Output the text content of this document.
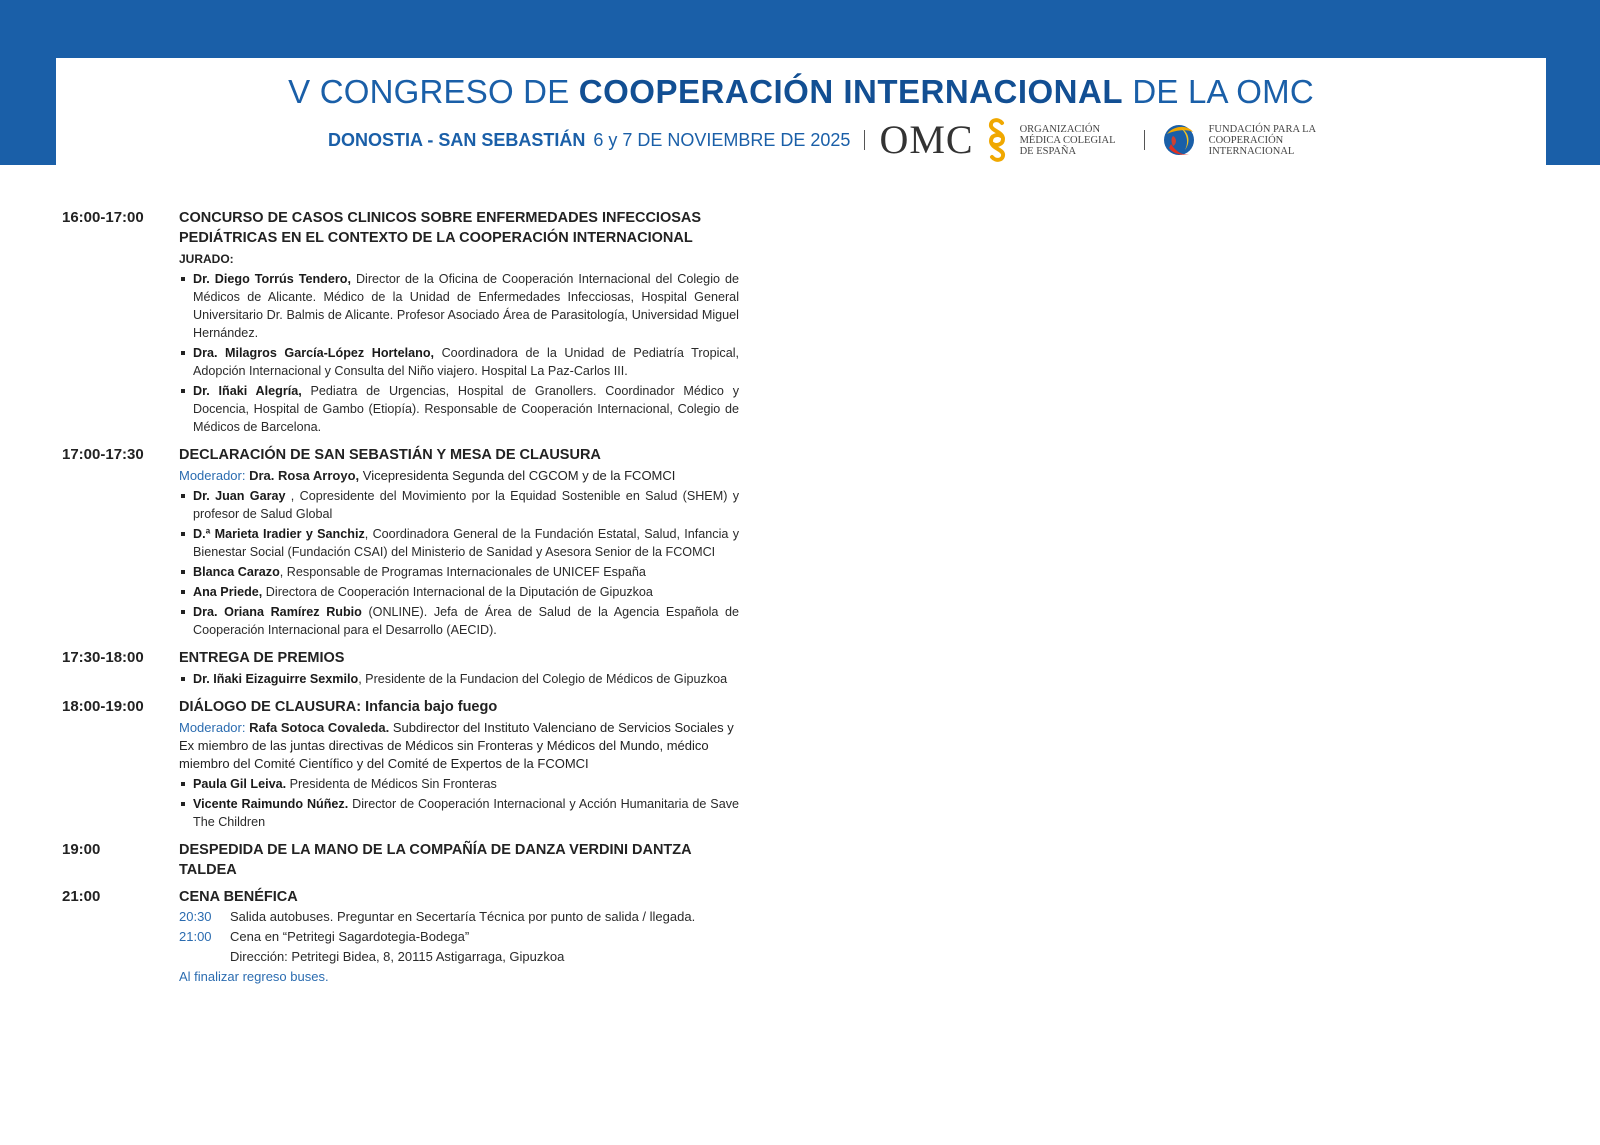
V CONGRESO DE COOPERACIÓN INTERNACIONAL DE LA OMC
DONOSTIA - SAN SEBASTIÁN 6 y 7 DE NOVIEMBRE DE 2025 OMC	ORGANIZACIÓN MÉDICA COLEGIAL DE ESPAÑA
FUNDACIÓN PARA LA COOPERACIÓN INTERNACIONAL
16:00-17:00	CONCURSO DE CASOS CLINICOS SOBRE ENFERMEDADES INFECCIOSAS PEDIÁTRICAS EN EL CONTEXTO DE LA COOPERACIÓN INTERNACIONAL
JURADO:
Dr. Diego Torrús Tendero, Director de la Oficina de Cooperación Internacional del Colegio de Médicos de Alicante. Médico de la Unidad de Enfermedades Infecciosas, Hospital General Universitario Dr. Balmis de Alicante. Profesor Asociado Área de Parasitología, Universidad Miguel Hernández.
Dra. Milagros García-López Hortelano, Coordinadora de la Unidad de Pediatría Tropical, Adopción Internacional y Consulta del Niño viajero. Hospital La Paz-Carlos III.
Dr. Iñaki Alegría, Pediatra de Urgencias, Hospital de Granollers. Coordinador Médico y Docencia, Hospital de Gambo (Etiopía). Responsable de Cooperación Internacional, Colegio de Médicos de Barcelona.
17:00-17:30	DECLARACIÓN DE SAN SEBASTIÁN Y MESA DE CLAUSURA
Moderador: Dra. Rosa Arroyo, Vicepresidenta Segunda del CGCOM y de la FCOMCI
Dr. Juan Garay , Copresidente del Movimiento por la Equidad Sostenible en Salud (SHEM) y profesor de Salud Global
D.ª Marieta Iradier y Sanchiz, Coordinadora General de la Fundación Estatal, Salud, Infancia y Bienestar Social (Fundación CSAI) del Ministerio de Sanidad y Asesora Senior de la FCOMCI
Blanca Carazo, Responsable de Programas Internacionales de UNICEF España
Ana Priede, Directora de Cooperación Internacional de la Diputación de Gipuzkoa
Dra. Oriana Ramírez Rubio (ONLINE). Jefa de Área de Salud de la Agencia Española de Cooperación Internacional para el Desarrollo (AECID).
17:30-18:00	ENTREGA DE PREMIOS
Dr. Iñaki Eizaguirre Sexmilo, Presidente de la Fundacion del Colegio de Médicos de Gipuzkoa
18:00-19:00	DIÁLOGO DE CLAUSURA: Infancia bajo fuego
Moderador: Rafa Sotoca Covaleda. Subdirector del Instituto Valenciano de Servicios Sociales y Ex miembro de las juntas directivas de Médicos sin Fronteras y Médicos del Mundo, médico miembro del Comité Científico y del Comité de Expertos de la FCOMCI
Paula Gil Leiva. Presidenta de Médicos Sin Fronteras
Vicente Raimundo Núñez. Director de Cooperación Internacional y Acción Humanitaria de Save The Children
19:00	DESPEDIDA DE LA MANO DE LA COMPAÑÍA DE DANZA VERDINI DANTZA TALDEA
21:00	CENA BENÉFICA
20:30	Salida autobuses. Preguntar en Secertaría Técnica por punto de salida / llegada.
21:00	Cena en “Petritegi Sagardotegia-Bodega”
Dirección: Petritegi Bidea, 8, 20115 Astigarraga, Gipuzkoa
Al finalizar regreso buses.
